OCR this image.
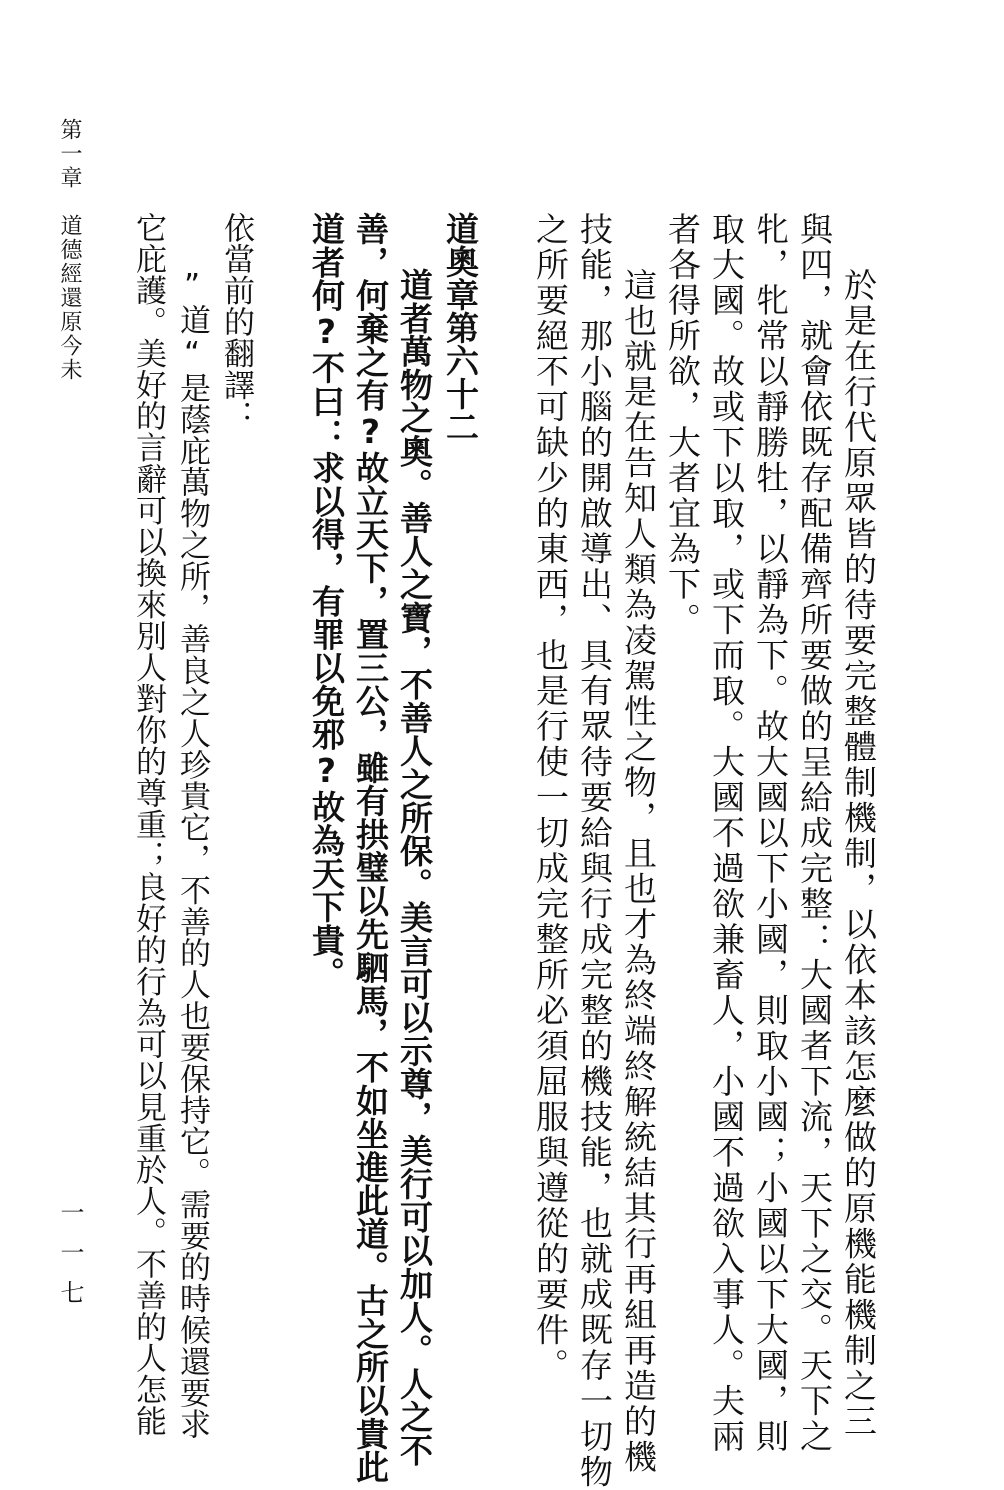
第一章　道德經還原今未
一一七	於是在行代原眾皆的待要完整體制機制，以依本該怎麼做的原機能機制之三
與四，就會依既存配備齊所要做的呈給成完整：大國者下流，天下之交。天下之
牝，牝常以靜勝牡，以靜為下。故大國以下小國，則取小國；小國以下大國，則
取大國。故或下以取，或下而取。大國不過欲兼畜人，小國不過欲入事人。夫兩
者各得所欲，大者宜為下。
這也就是在告知人類為凌駕性之物，且也才為終端終解統結其行再組再造的機
技能，那小腦的開啟導出、具有眾待要給與行成完整的機技能，也就成既存一切物
之所要絕不可缺少的東西，也是行使一切成完整所必須屈服與遵從的要件。
道奧章第六十二
道者萬物之奧。善人之寶，不善人之所保。美言可以示尊，美行可以加人。人之不
善，何棄之有?故立天下，置三公，雖有拱璧以先駟馬，不如坐進此道。古之所以貴此
道者何?不曰：求以得，有罪以免邪?故為天下貴。
依當前的翻譯：
”道“是蔭庇萬物之所，善良之人珍貴它，不善的人也要保持它。需要的時候還要求
它庇護。美好的言辭可以換來別人對你的尊重；良好的行為可以見重於人。不善的人怎能
